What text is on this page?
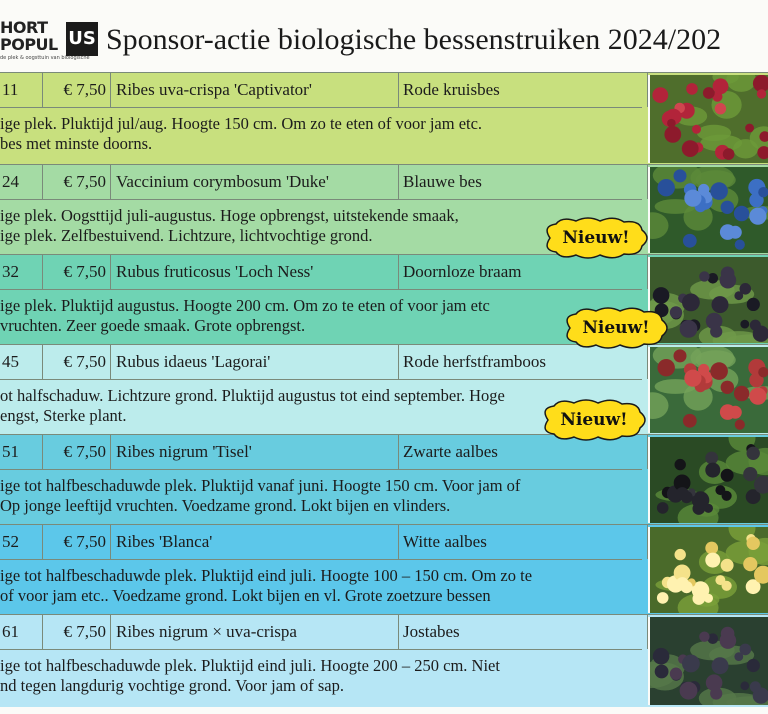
HORT
POPUL US
de plek & oogsttuin van biologische
Sponsor-actie biologische bessenstruiken 2024/202
11	€ 7,50 Ribes uva-crispa 'Captivator'	Rode kruisbes
ige plek. Pluktijd jul/aug. Hoogte 150 cm. Om zo te eten of voor jam etc.
bes met minste doorns.
24	€ 7,50 Vaccinium corymbosum 'Duke'	Blauwe bes
ige plek. Oogsttijd juli-augustus. Hoge opbrengst, uitstekende smaak,
ige plek. Zelfbestuivend. Lichtzure, lichtvochtige grond.
32	€ 7,50 Rubus fruticosus 'Loch Ness'	Doornloze braam
ige plek. Pluktijd augustus. Hoogte 200 cm. Om zo te eten of voor jam etc
vruchten. Zeer goede smaak. Grote opbrengst.
45	€ 7,50 Rubus idaeus 'Lagorai'	Rode herfstframboos
ot halfschaduw. Lichtzure grond. Pluktijd augustus tot eind september. Hoge
engst, Sterke plant.
51	€ 7,50 Ribes nigrum 'Tisel'	Zwarte aalbes
ige tot halfbeschaduwde plek. Pluktijd vanaf juni. Hoogte 150 cm. Voor jam of
Op jonge leeftijd vruchten. Voedzame grond. Lokt bijen en vlinders.
52	€ 7,50 Ribes 'Blanca'	Witte aalbes
ige tot halfbeschaduwde plek. Pluktijd eind juli. Hoogte 100 – 150 cm. Om zo te
of voor jam etc.. Voedzame grond. Lokt bijen en vl. Grote zoetzure bessen
61	€ 7,50 Ribes nigrum × uva-crispa	Jostabes
ige tot halfbeschaduwde plek. Pluktijd eind juli. Hoogte 200 – 250 cm. Niet
nd tegen langdurig vochtige grond. Voor jam of sap.
Nieuw!
Nieuw!
Nieuw!
